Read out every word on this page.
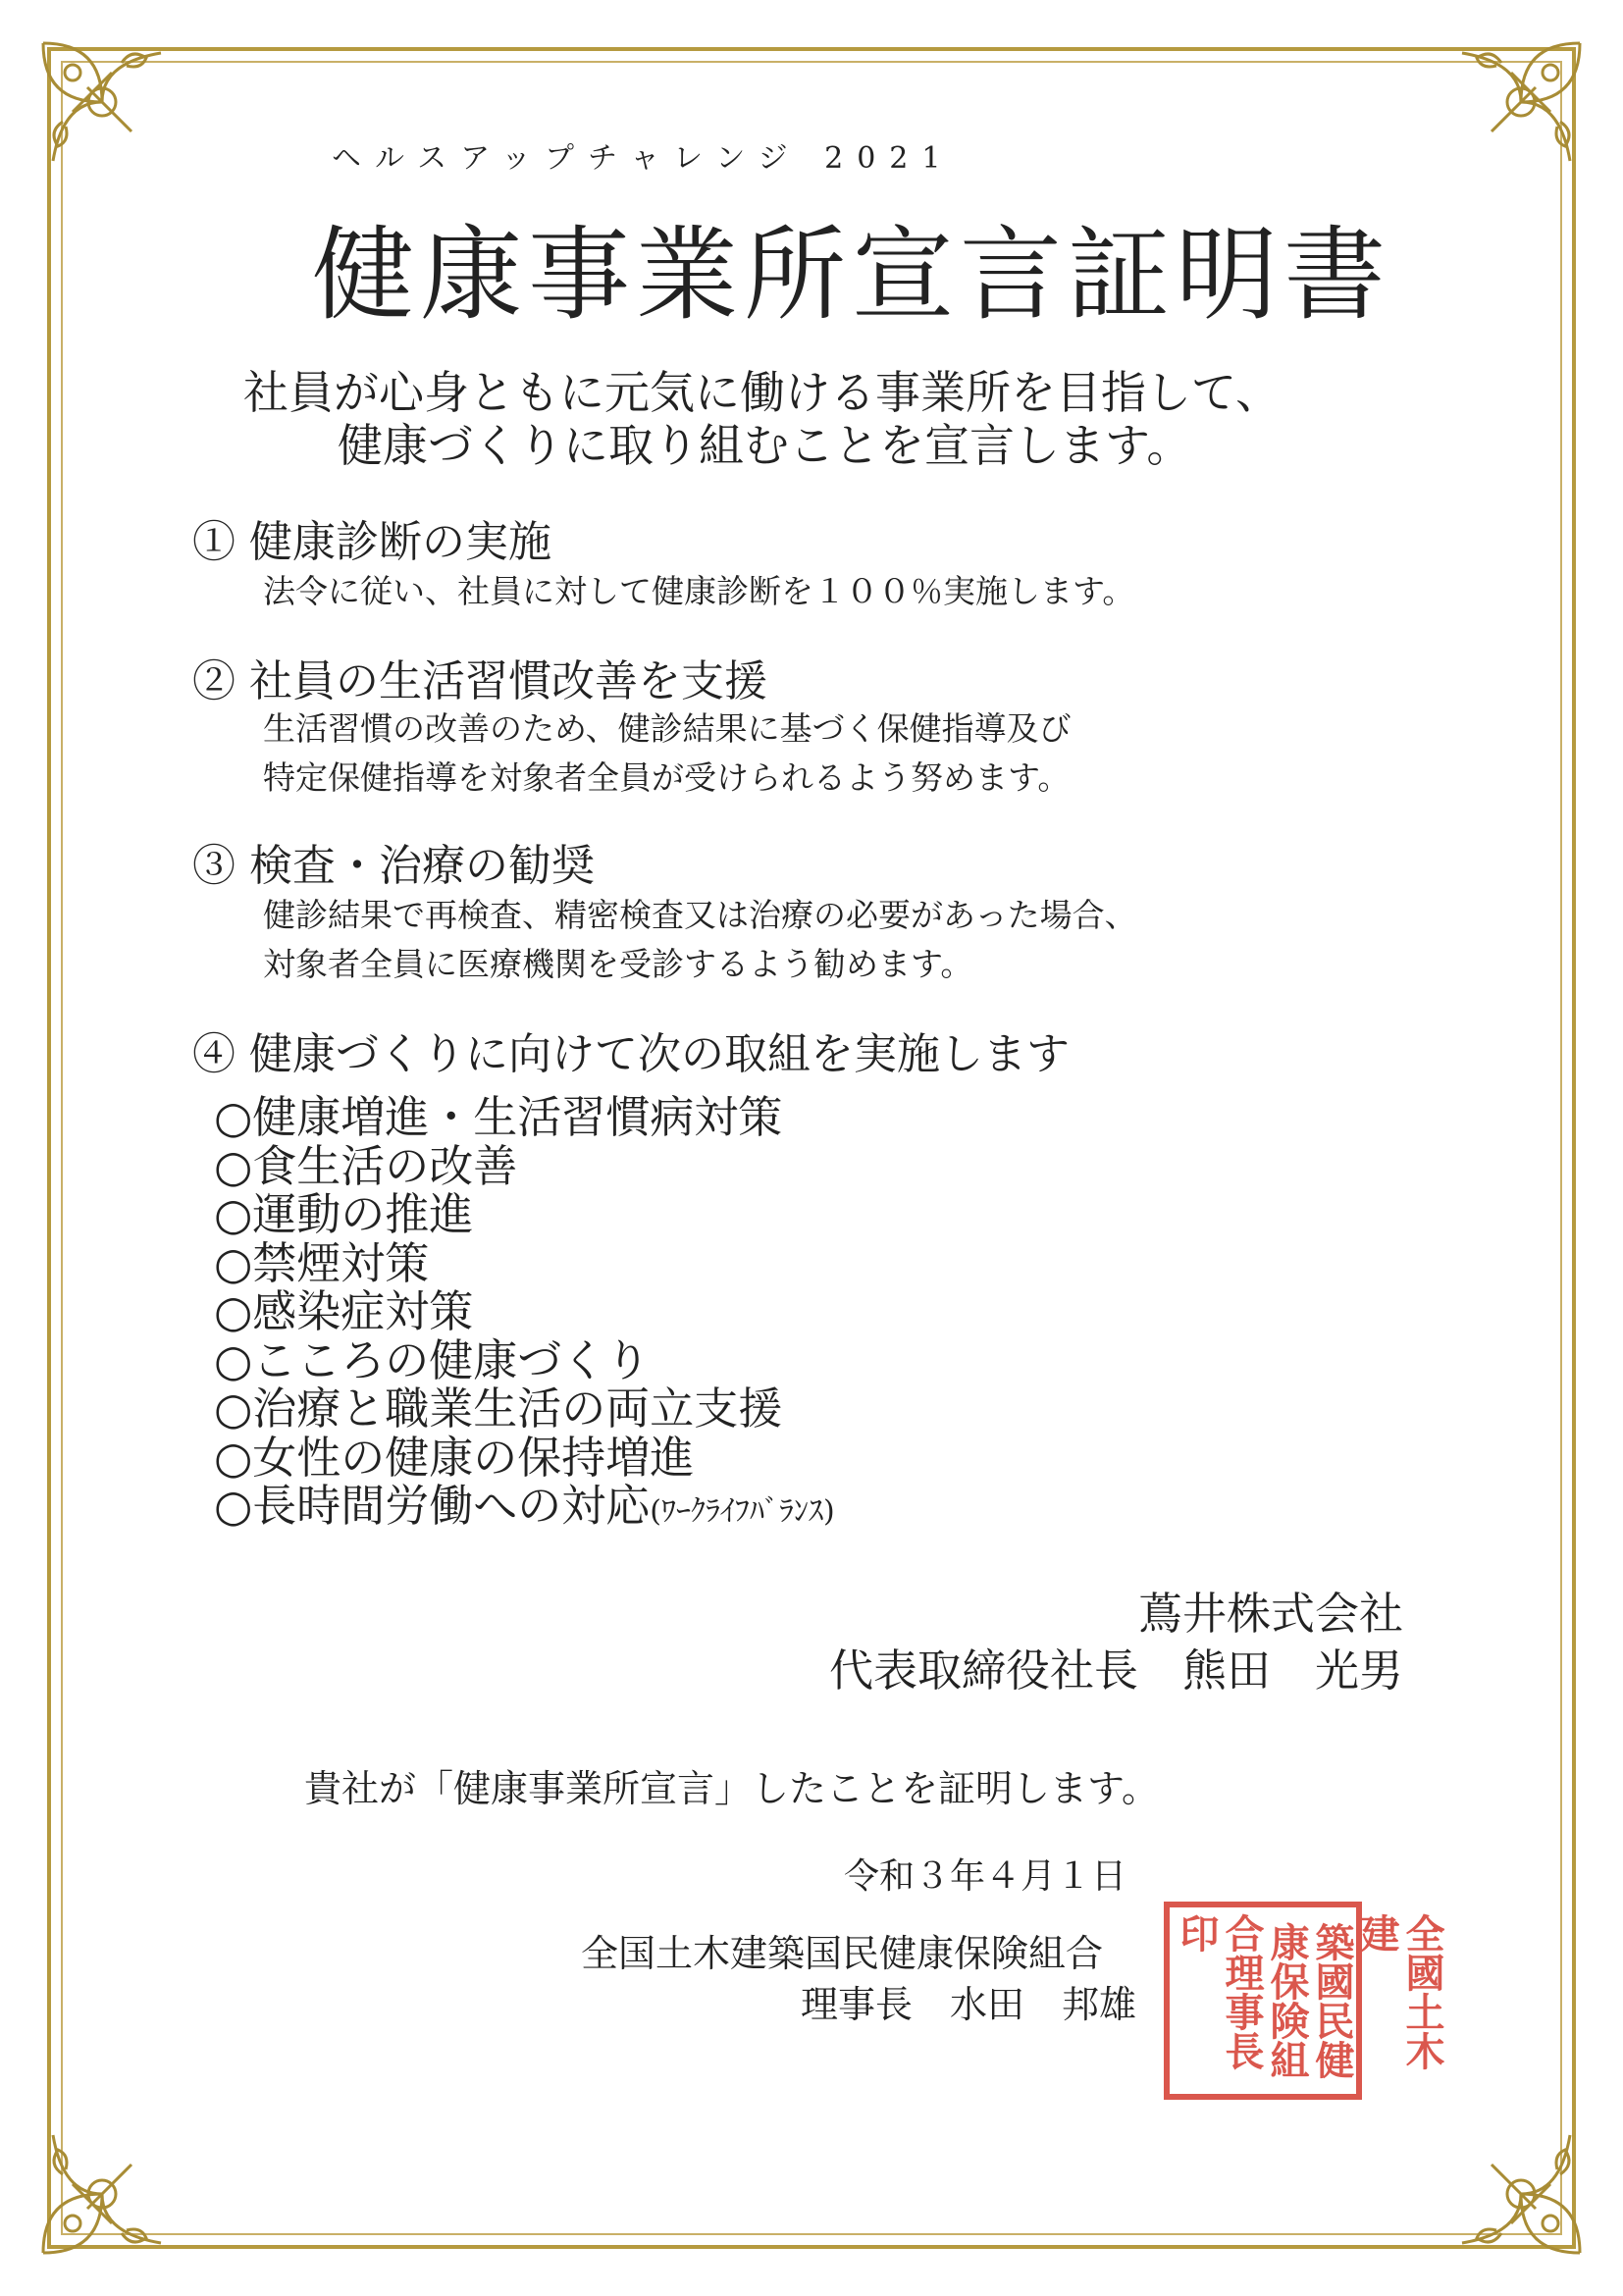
ヘルスアップチャレンジ 2021
健康事業所宣言証明書
社員が心身ともに元気に働ける事業所を目指して、
健康づくりに取り組むことを宣言します。
① 健康診断の実施
法令に従い、社員に対して健康診断を１００％実施します。
② 社員の生活習慣改善を支援
生活習慣の改善のため、健診結果に基づく保健指導及び
特定保健指導を対象者全員が受けられるよう努めます。
③ 検査・治療の勧奨
健診結果で再検査、精密検査又は治療の必要があった場合、
対象者全員に医療機関を受診するよう勧めます。
④ 健康づくりに向けて次の取組を実施します
○健康増進・生活習慣病対策
○食生活の改善
○運動の推進
○禁煙対策
○感染症対策
○こころの健康づくり
○治療と職業生活の両立支援
○女性の健康の保持増進
○長時間労働への対応(ﾜｰｸﾗｲﾌﾊﾞﾗﾝｽ)
蔦井株式会社
代表取締役社長　熊田　光男
貴社が「健康事業所宣言」したことを証明します。
令和３年４月１日
全国土木建築国民健康保険組合
理事長　水田　邦雄	全國土木建
築國民健
康保険組
合理事長印
